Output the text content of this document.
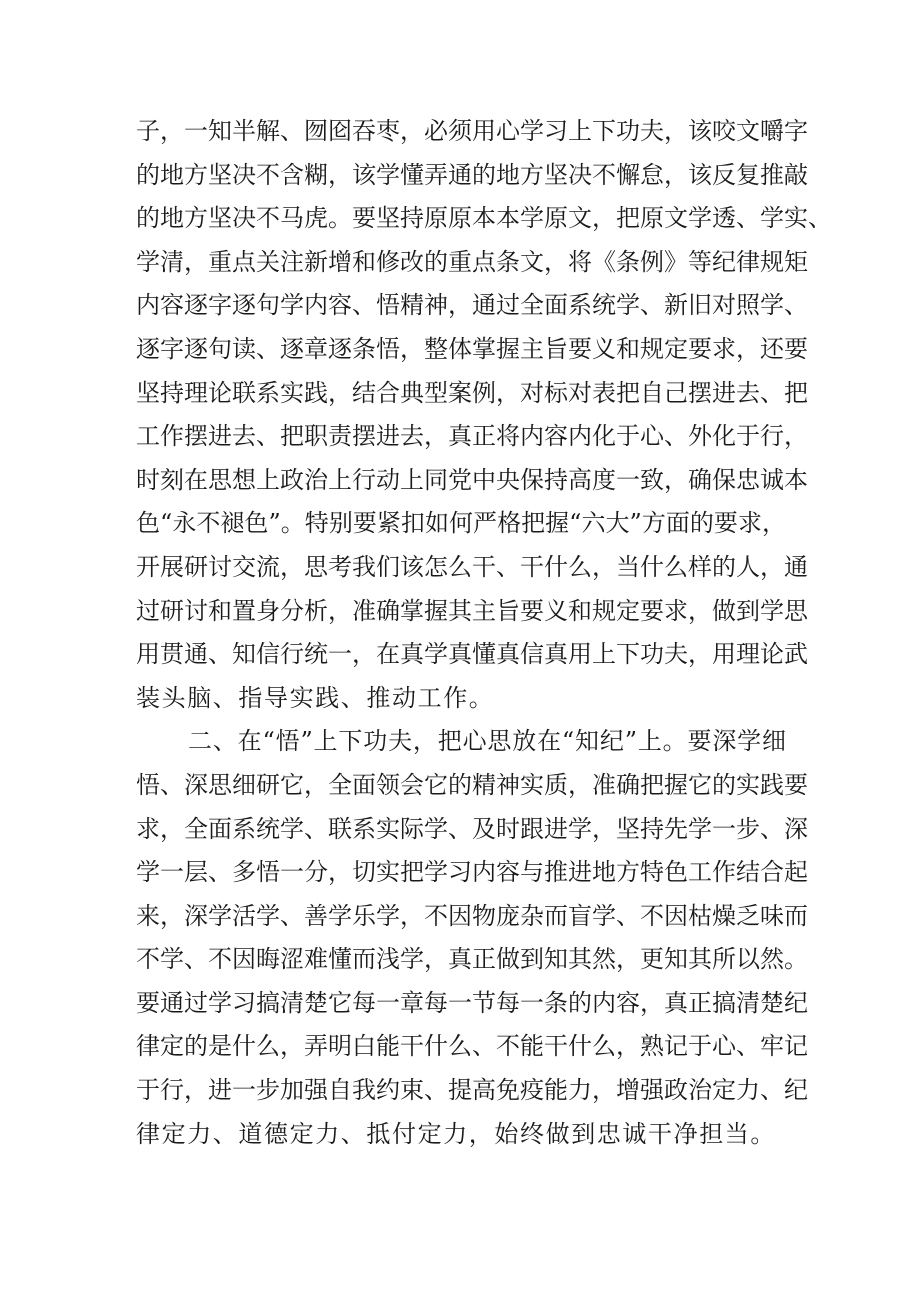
子，一知半解、囫囵吞枣，必须用心学习上下功夫，该咬文嚼字
的地方坚决不含糊，该学懂弄通的地方坚决不懈怠，该反复推敲
的地方坚决不马虎。要坚持原原本本学原文，把原文学透、学实、
学清，重点关注新增和修改的重点条文，将《条例》等纪律规矩
内容逐字逐句学内容、悟精神，通过全面系统学、新旧对照学、
逐字逐句读、逐章逐条悟，整体掌握主旨要义和规定要求，还要
坚持理论联系实践，结合典型案例，对标对表把自己摆进去、把
工作摆进去、把职责摆进去，真正将内容内化于心、外化于行，
时刻在思想上政治上行动上同党中央保持高度一致，确保忠诚本
色“永不褪色”。特别要紧扣如何严格把握“六大”方面的要求，
开展研讨交流，思考我们该怎么干、干什么，当什么样的人，通
过研讨和置身分析，准确掌握其主旨要义和规定要求，做到学思
用贯通、知信行统一，在真学真懂真信真用上下功夫，用理论武
装头脑、指导实践、推动工作。
二、在“悟”上下功夫，把心思放在“知纪”上。要深学细
悟、深思细研它，全面领会它的精神实质，准确把握它的实践要
求，全面系统学、联系实际学、及时跟进学，坚持先学一步、深
学一层、多悟一分，切实把学习内容与推进地方特色工作结合起
来，深学活学、善学乐学，不因物庞杂而盲学、不因枯燥乏味而
不学、不因晦涩难懂而浅学，真正做到知其然，更知其所以然。
要通过学习搞清楚它每一章每一节每一条的内容，真正搞清楚纪
律定的是什么，弄明白能干什么、不能干什么，熟记于心、牢记
于行，进一步加强自我约束、提高免疫能力，增强政治定力、纪
律定力、道德定力、抵付定力，始终做到忠诚干净担当。
